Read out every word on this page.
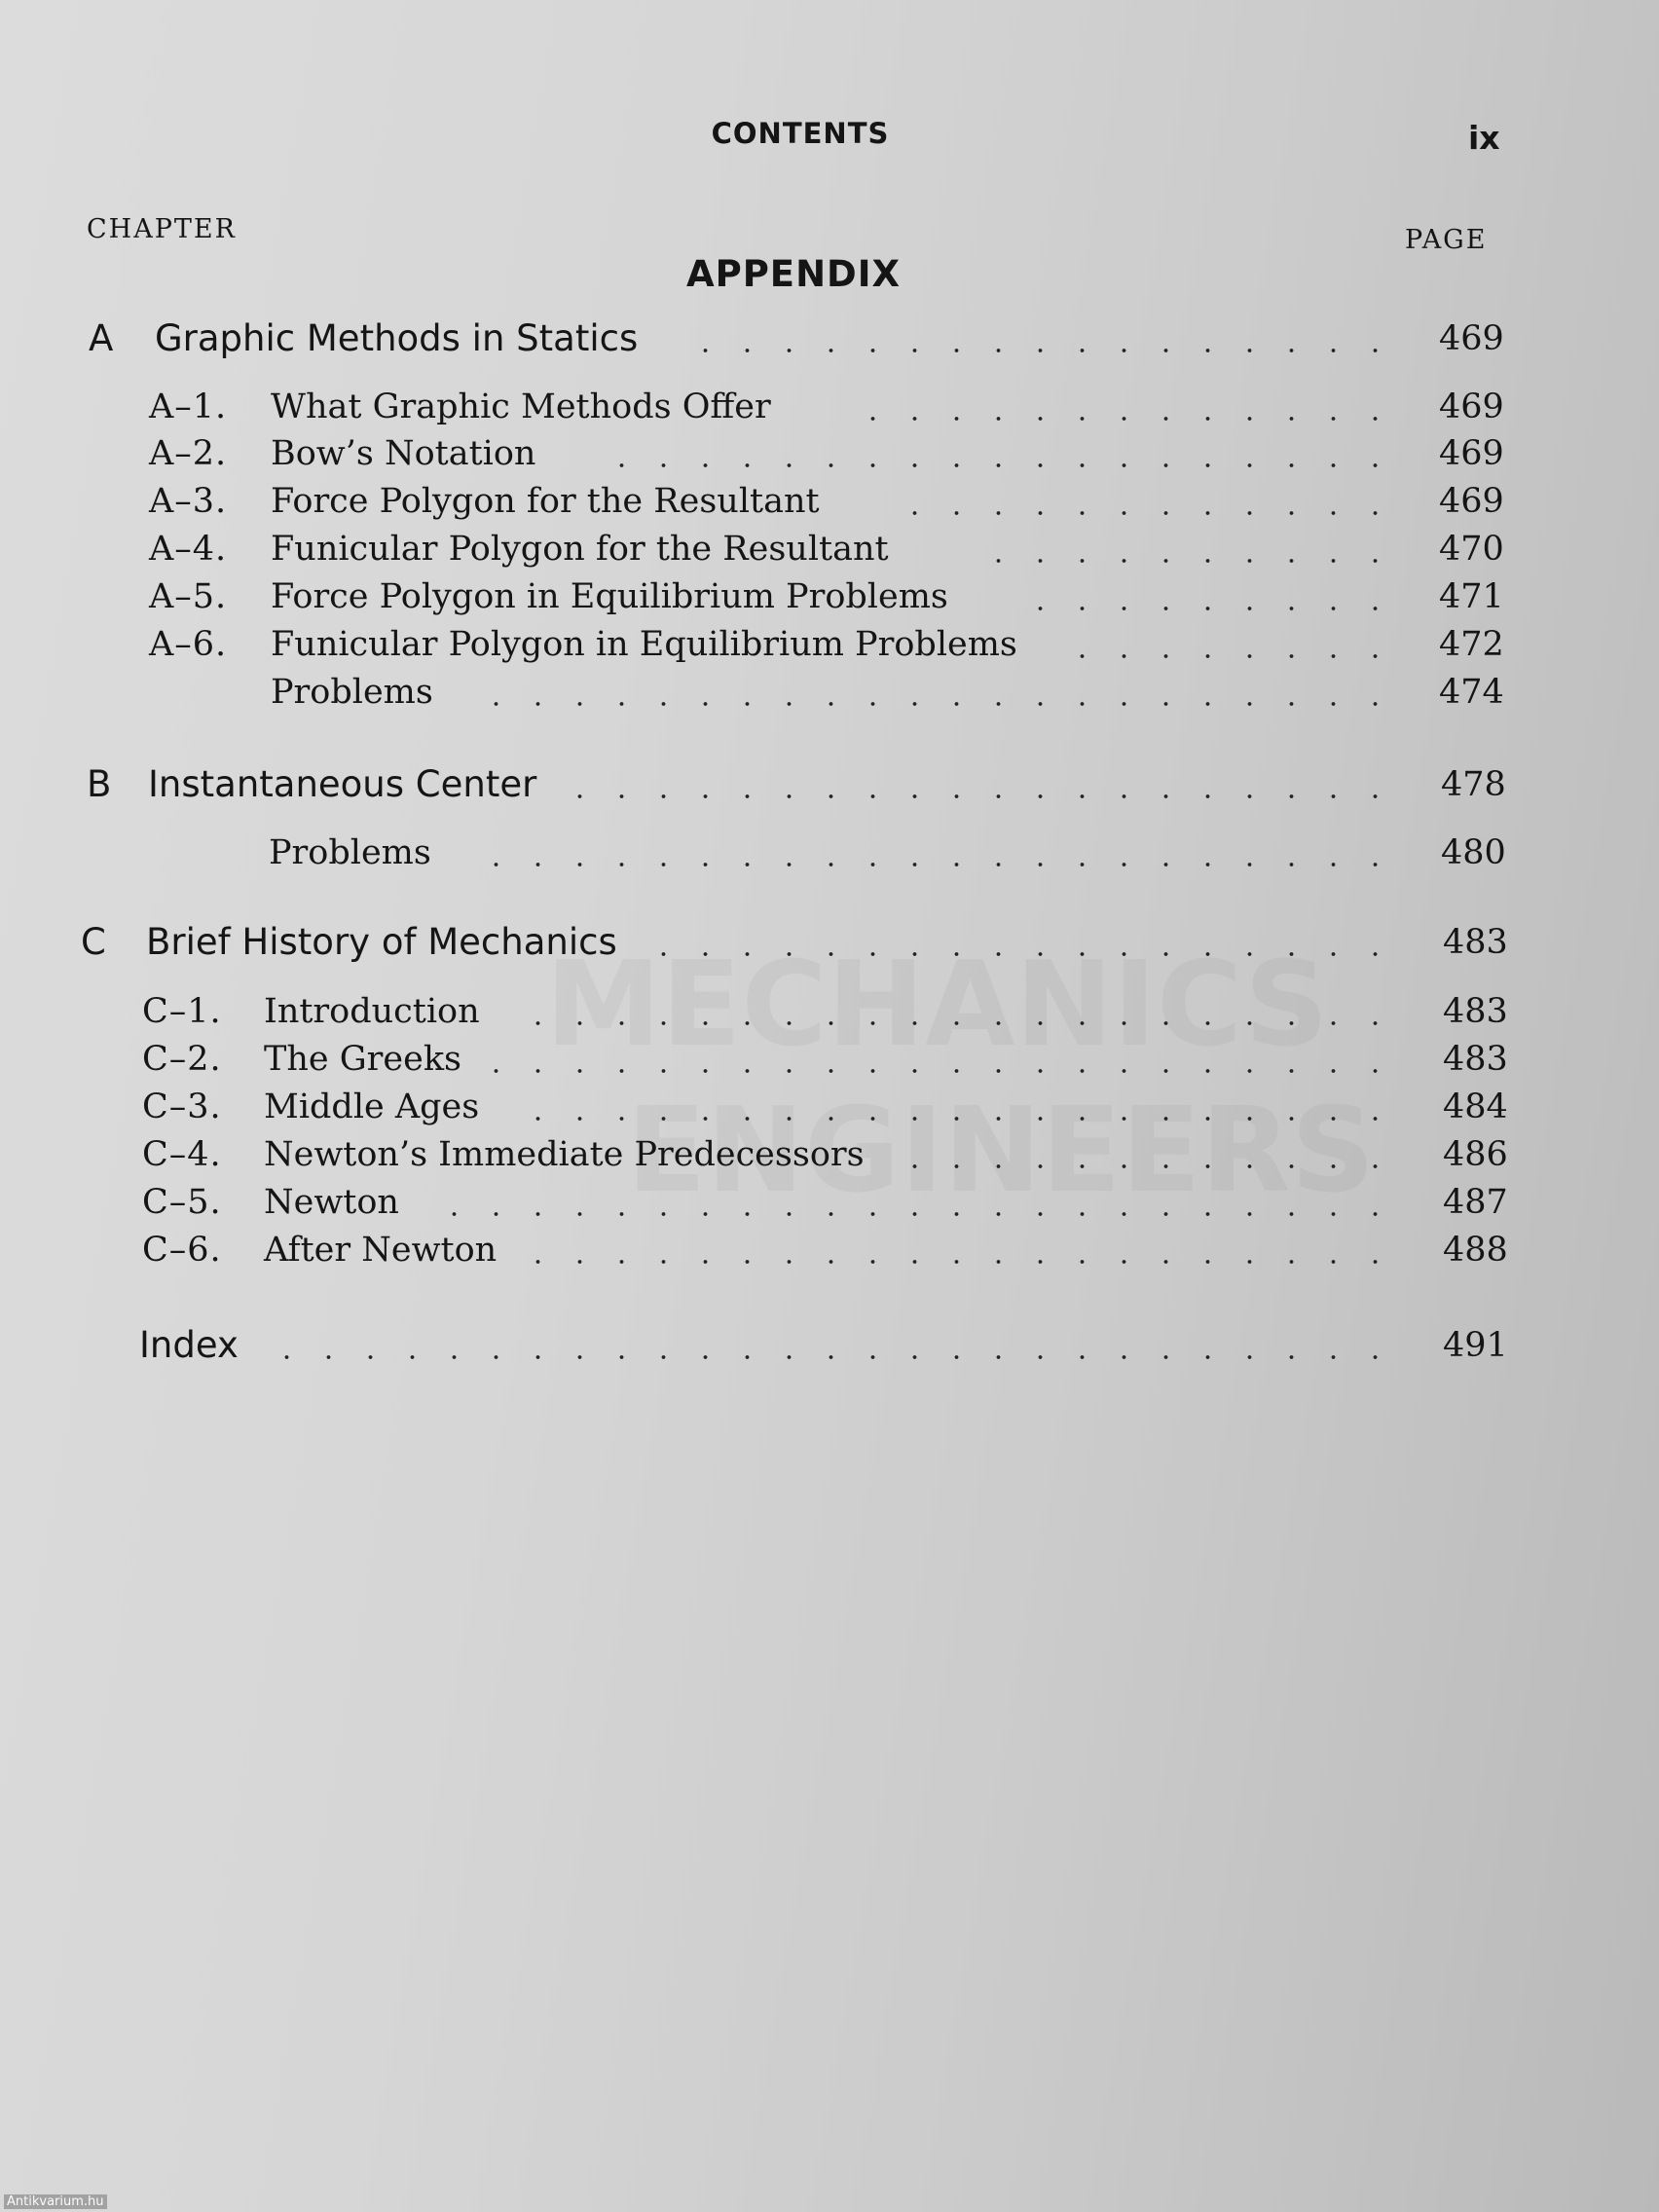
CONTENTS	ix
CHAPTER	PAGE
APPENDIX

A Graphic Methods in Statics	469
A–1. What Graphic Methods Offer	469
A–2. Bow’s Notation	469
A–3. Force Polygon for the Resultant	469
A–4. Funicular Polygon for the Resultant	470
A–5. Force Polygon in Equilibrium Problems	471
A–6. Funicular Polygon in Equilibrium Problems	472
Problems	474
B Instantaneous Center	478
Problems	480
C Brief History of Mechanics	483
C–1. Introduction	483
C–2. The Greeks	483
C–3. Middle Ages	484
C–4. Newton’s Immediate Predecessors	486
C–5. Newton	487
C–6. After Newton	488
Index	491
Antikvarium.hu
